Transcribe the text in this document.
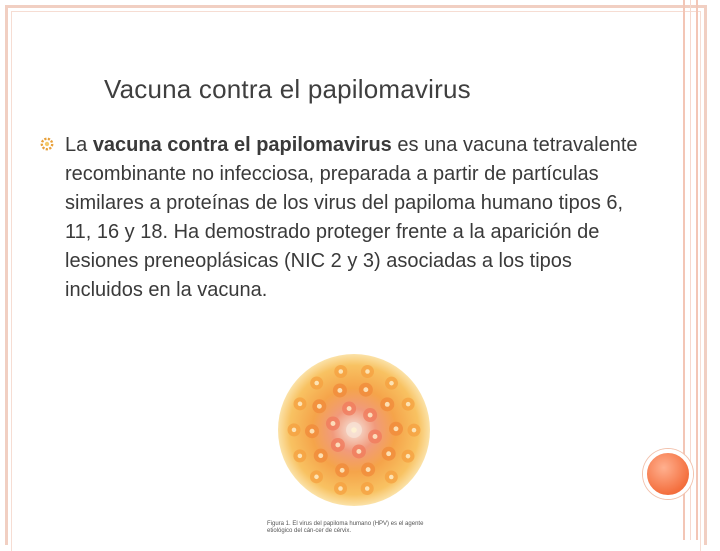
Vacuna contra el papilomavirus
La vacuna contra el papilomavirus es una vacuna tetravalente recombinante no infecciosa, preparada a partir de partículas similares a proteínas de los virus del papiloma humano tipos 6, 11, 16 y 18. Ha demostrado proteger frente a la aparición de lesiones preneoplásicas (NIC 2 y 3) asociadas a los tipos incluidos en la vacuna.
Figura 1. El virus del papiloma humano (HPV) es el agente etiológico del cán-cer de cérvix.
